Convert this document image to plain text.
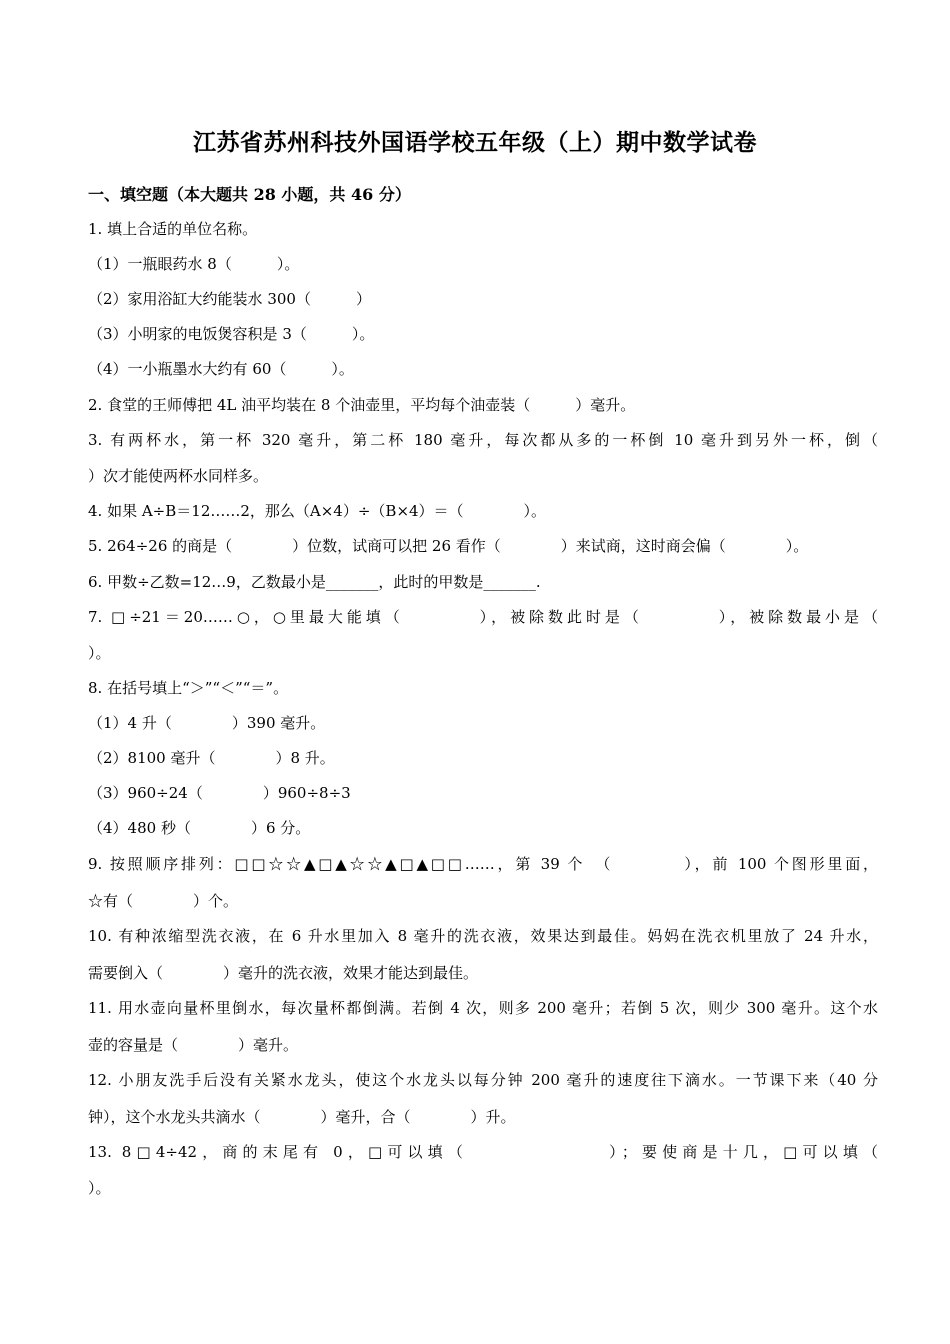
江苏省苏州科技外国语学校五年级（上）期中数学试卷
一、填空题（本大题共 28 小题，共 46 分）
1. 填上合适的单位名称。
（1）一瓶眼药水 8（　　　）。
（2）家用浴缸大约能装水 300（　　　）
（3）小明家的电饭煲容积是 3（　　　）。
（4）一小瓶墨水大约有 60（　　　）。
2. 食堂的王师傅把 4L 油平均装在 8 个油壶里，平均每个油壶装（　　　）毫升。
3. 有两杯水，第一杯 320 毫升，第二杯 180 毫升，每次都从多的一杯倒 10 毫升到另外一杯，倒（
）次才能使两杯水同样多。
4. 如果 A÷B＝12……2，那么（A×4）÷（B×4）＝（　　　　）。
5. 264÷26 的商是（　　　　）位数，试商可以把 26 看作（　　　　）来试商，这时商会偏（　　　　）。
6. 甲数÷乙数=12…9，乙数最小是_______，此时的甲数是_______.
7. □÷21＝20……○，○里最大能填（　　　　），被除数此时是（　　　　），被除数最小是（
）。
8. 在括号填上“＞”“＜”“＝”。
（1）4 升（　　　　）390 毫升。
（2）8100 毫升（　　　　）8 升。
（3）960÷24（　　　　）960÷8÷3
（4）480 秒（　　　　）6 分。
9. 按照顺序排列：□□☆☆▲□▲☆☆▲□▲□□……，第 39 个　（　　　　），前 100 个图形里面，
☆有（　　　　）个。
10. 有种浓缩型洗衣液，在 6 升水里加入 8 毫升的洗衣液，效果达到最佳。妈妈在洗衣机里放了 24 升水，
需要倒入（　　　　）毫升的洗衣液，效果才能达到最佳。
11. 用水壶向量杯里倒水，每次量杯都倒满。若倒 4 次，则多 200 毫升；若倒 5 次，则少 300 毫升。这个水
壶的容量是（　　　　）毫升。
12. 小朋友洗手后没有关紧水龙头，使这个水龙头以每分钟 200 毫升的速度往下滴水。一节课下来（40 分
钟），这个水龙头共滴水（　　　　）毫升，合（　　　　）升。
13. 8□4÷42，商的末尾有 0，□可以填（　　　　　　　）；要使商是十几，□可以填（
）。
